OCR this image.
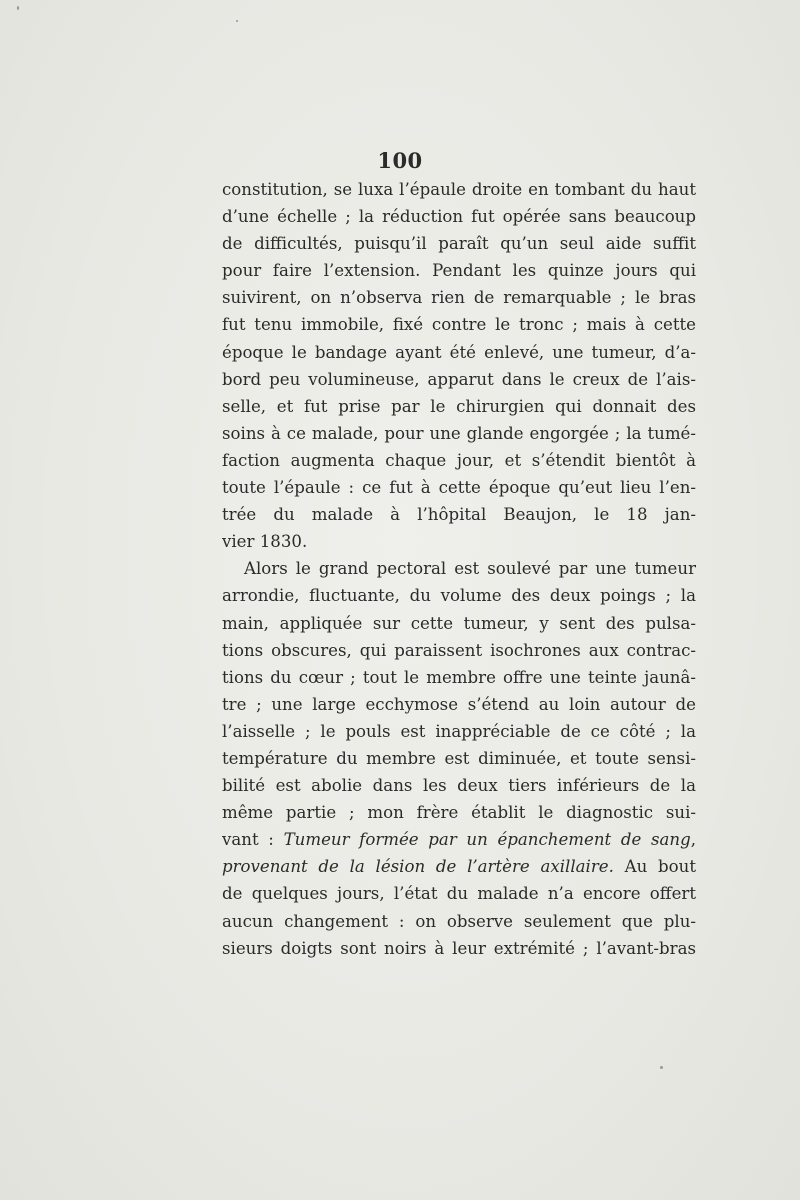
100
constitution, se luxa l’épaule droite en tombant du haut
d’une échelle ; la réduction fut opérée sans beaucoup
de difficultés, puisqu’il paraît qu’un seul aide suffit
pour faire l’extension. Pendant les quinze jours qui
suivirent, on n’observa rien de remarquable ; le bras
fut tenu immobile, fixé contre le tronc ; mais à cette
époque le bandage ayant été enlevé, une tumeur, d’a-
bord peu volumineuse, apparut dans le creux de l’ais-
selle, et fut prise par le chirurgien qui donnait des
soins à ce malade, pour une glande engorgée ; la tumé-
faction augmenta chaque jour, et s’étendit bientôt à
toute l’épaule : ce fut à cette époque qu’eut lieu l’en-
trée du malade à l’hôpital Beaujon, le 18 jan-
vier 1830.
Alors le grand pectoral est soulevé par une tumeur
arrondie, fluctuante, du volume des deux poings ; la
main, appliquée sur cette tumeur, y sent des pulsa-
tions obscures, qui paraissent isochrones aux contrac-
tions du cœur ; tout le membre offre une teinte jaunâ-
tre ; une large ecchymose s’étend au loin autour de
l’aisselle ; le pouls est inappréciable de ce côté ; la
température du membre est diminuée, et toute sensi-
bilité est abolie dans les deux tiers inférieurs de la
même partie ; mon frère établit le diagnostic sui-
vant : Tumeur formée par un épanchement de sang,
provenant de la lésion de l’artère axillaire. Au bout
de quelques jours, l’état du malade n’a encore offert
aucun changement : on observe seulement que plu-
sieurs doigts sont noirs à leur extrémité ; l’avant-bras
